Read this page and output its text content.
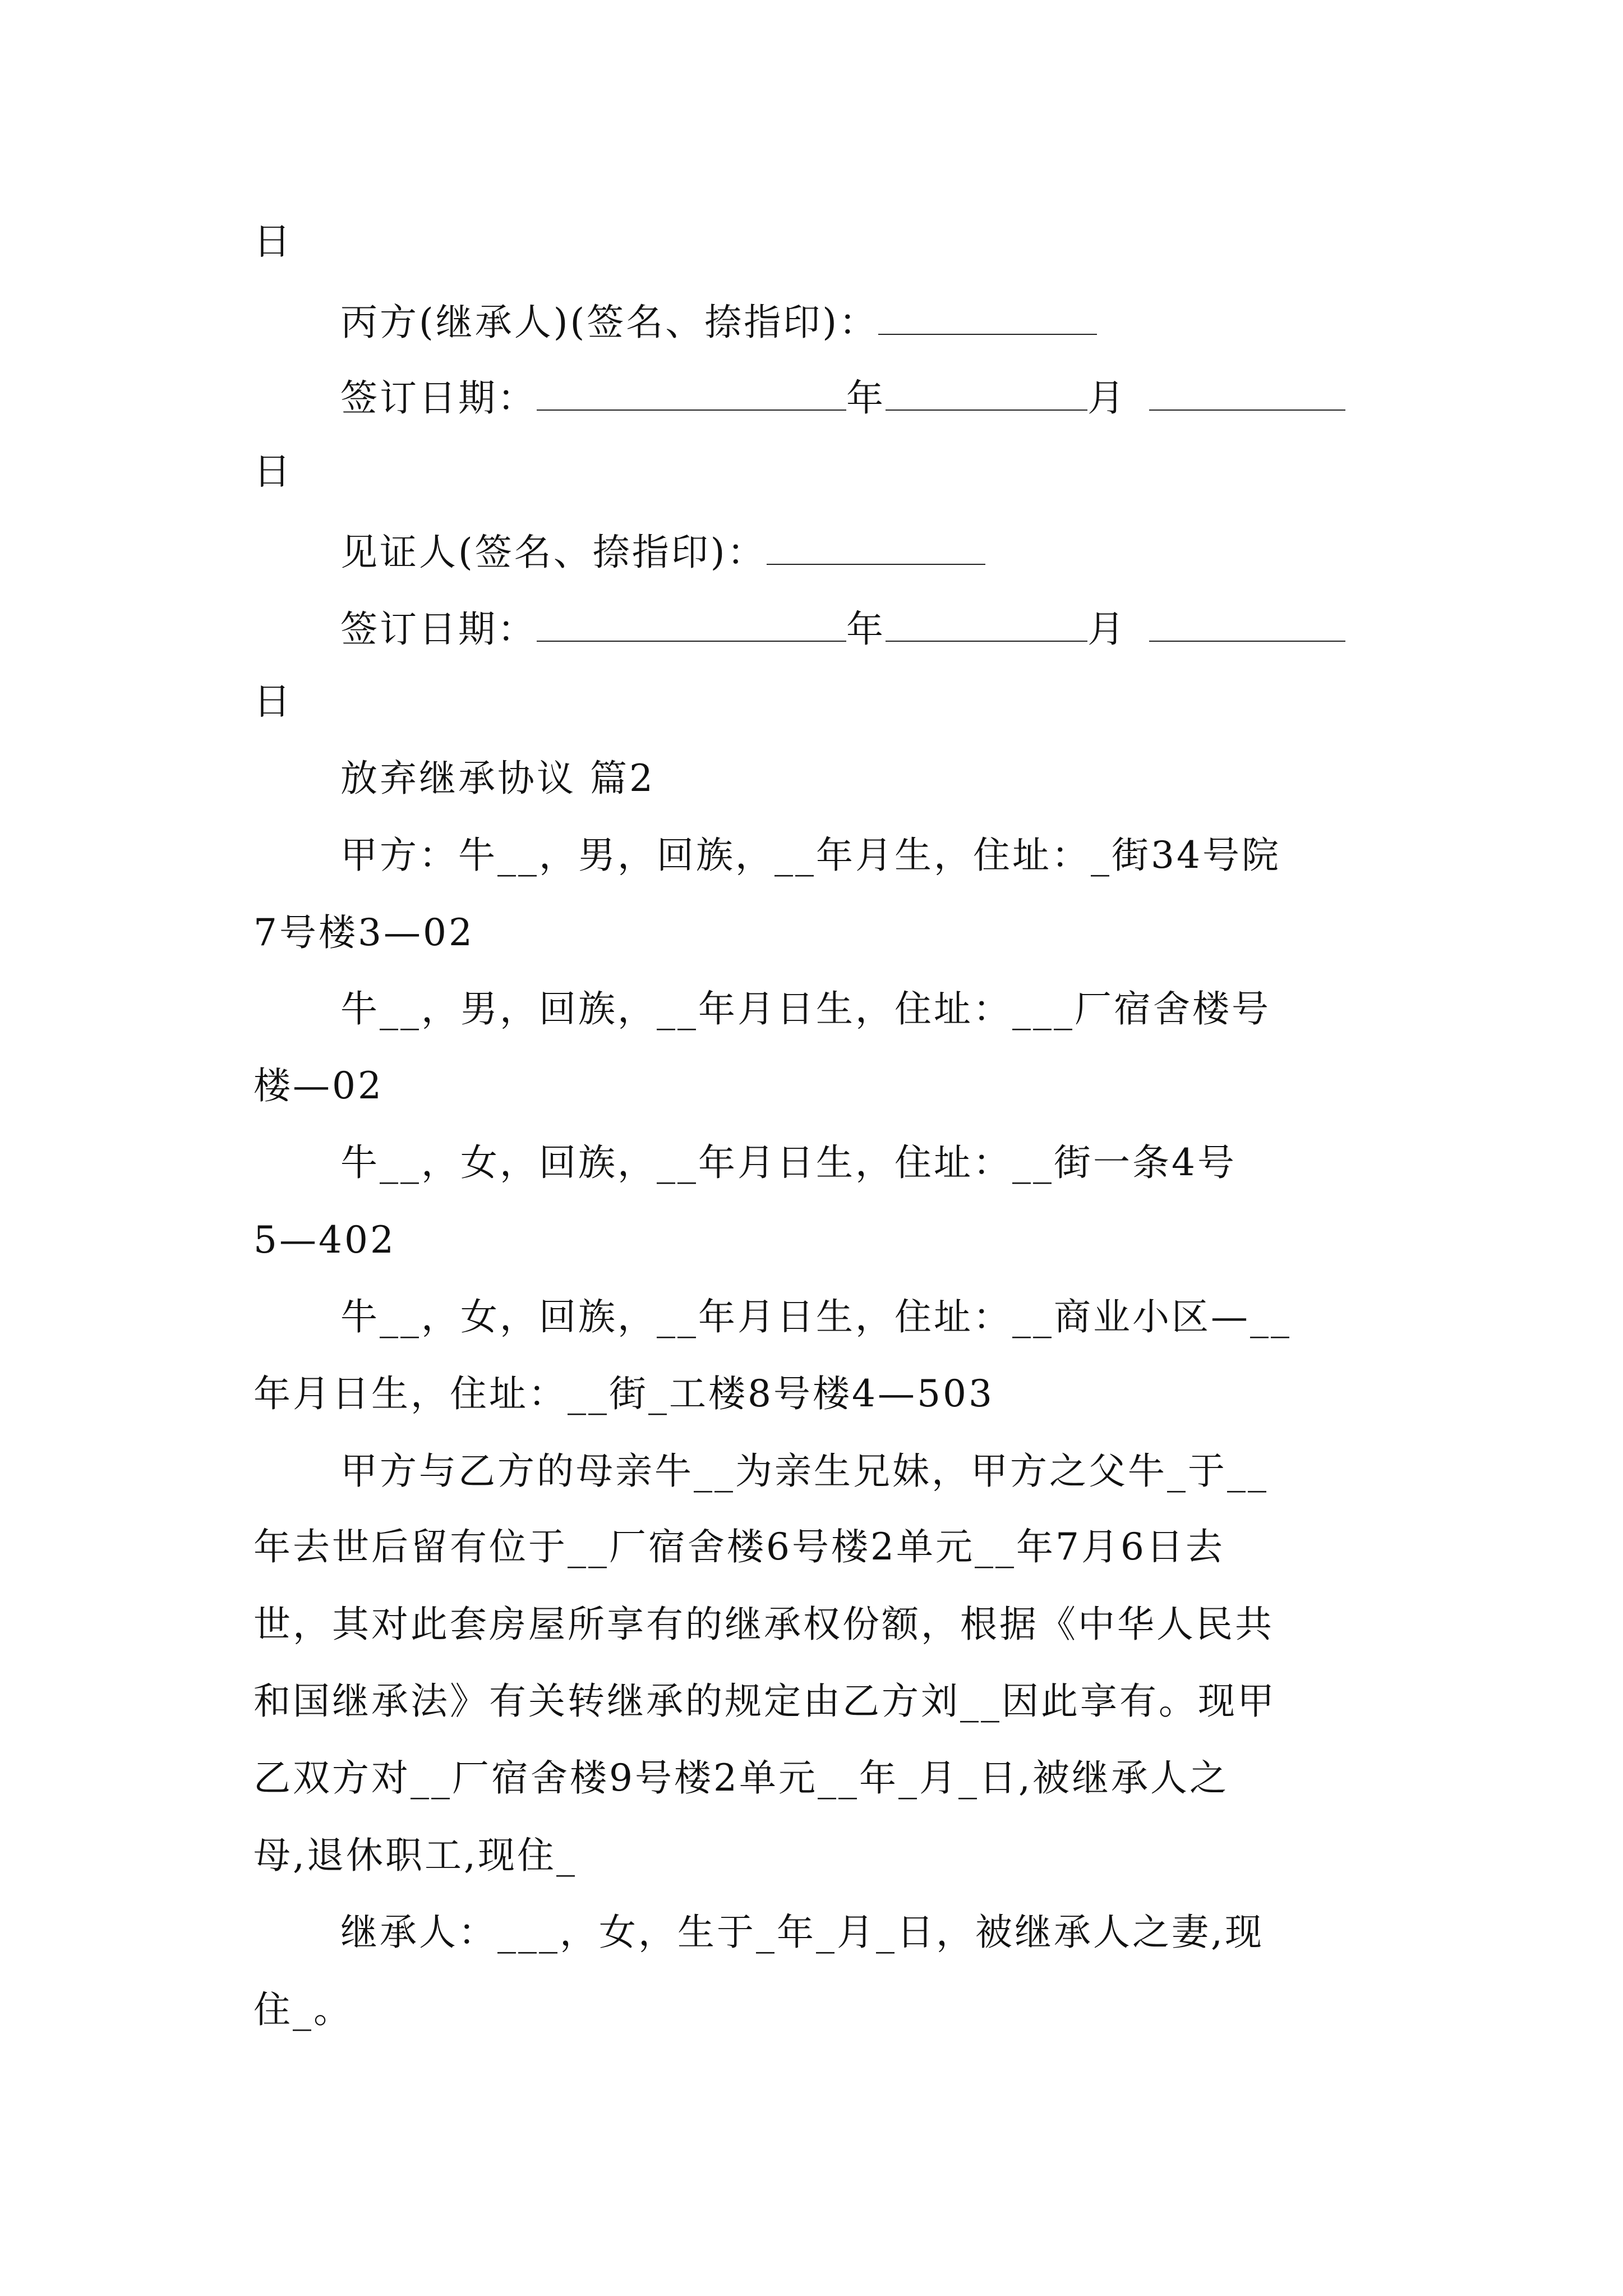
日
丙方(继承人)(签名、捺指印)：
签订日期：	年	月
日
见证人(签名、捺指印)：
签订日期：	年	月
日
放弃继承协议 篇2
甲方：牛__，男，回族，__年月生，住址：_街34号院
7号楼3—02
牛__，男，回族，__年月日生，住址：___厂宿舍楼号
楼—02
牛__，女，回族，__年月日生，住址：__街一条4号
5—402
牛__，女，回族，__年月日生，住址：__商业小区—__
年月日生，住址：__街_工楼8号楼4—503
甲方与乙方的母亲牛__为亲生兄妹，甲方之父牛_于__
年去世后留有位于__厂宿舍楼6号楼2单元__年7月6日去
世，其对此套房屋所享有的继承权份额，根据《中华人民共
和国继承法》有关转继承的规定由乙方刘__因此享有。现甲
乙双方对__厂宿舍楼9号楼2单元__年_月_日,被继承人之
母,退休职工,现住_
继承人：___，女，生于_年_月_日，被继承人之妻,现
住_。
